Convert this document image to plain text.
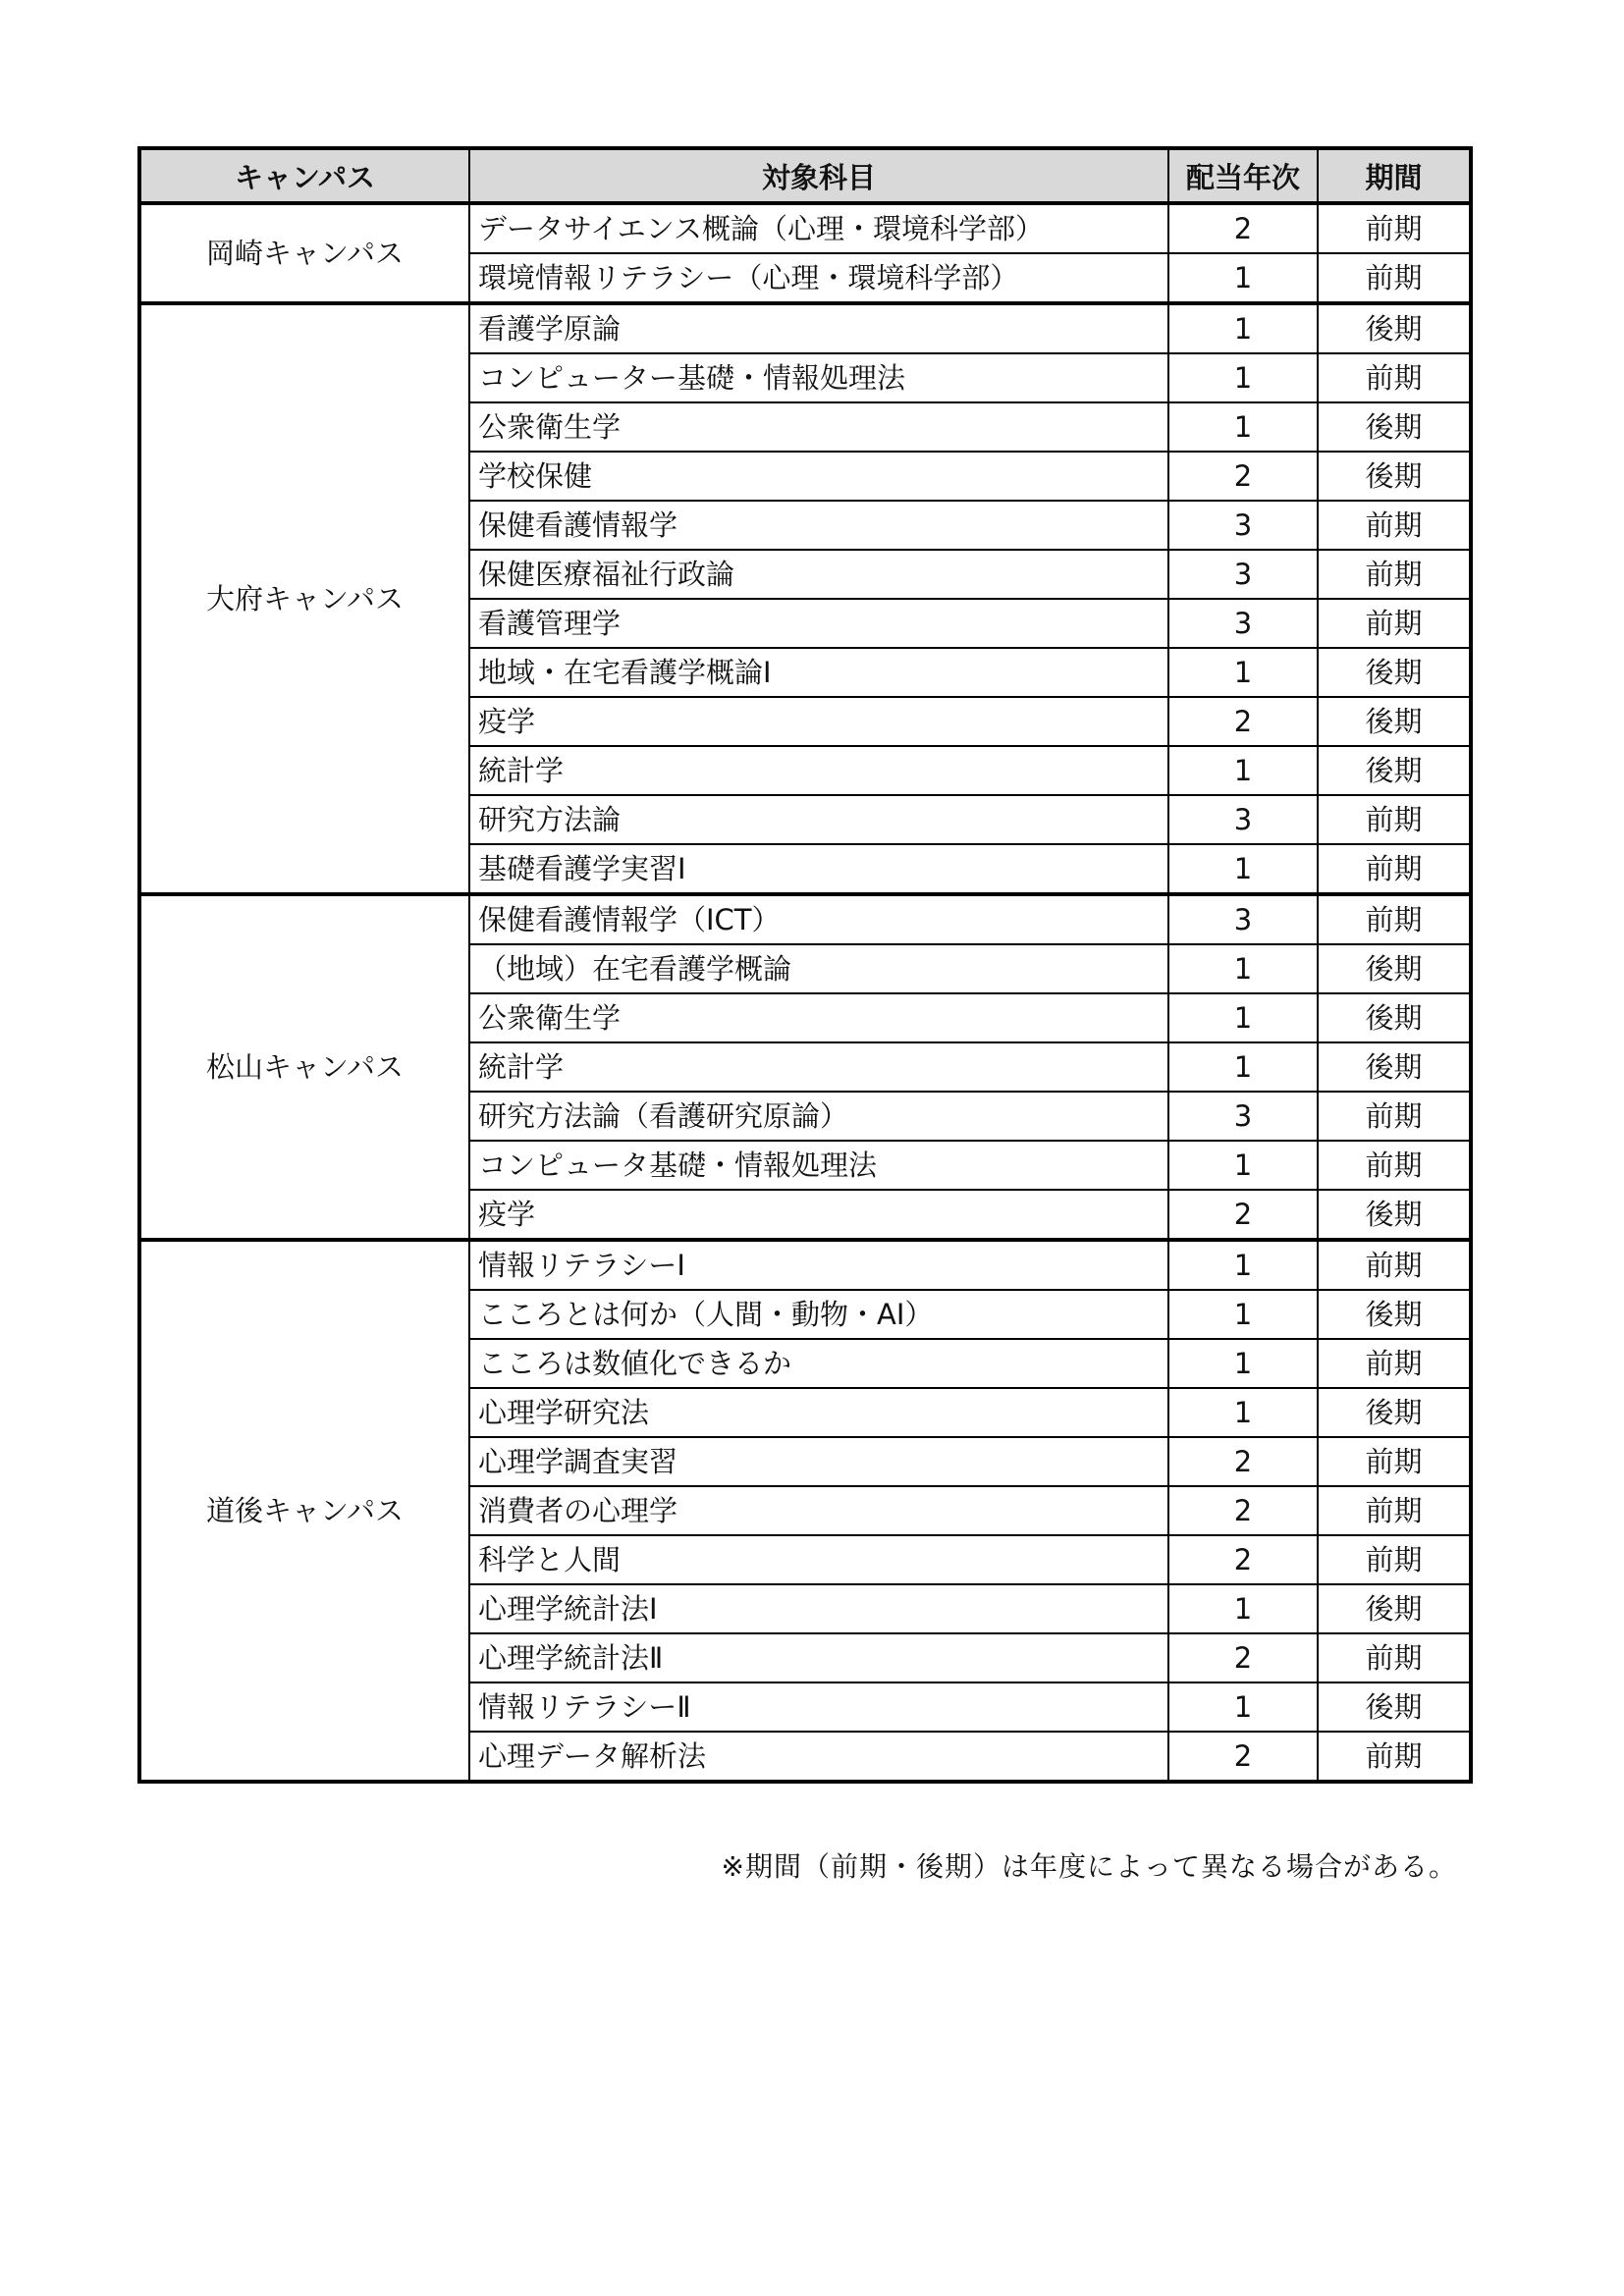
キャンパス	対象科目	配当年次	期間
岡崎キャンパス	データサイエンス概論（心理・環境科学部）	2	前期
	環境情報リテラシー（心理・環境科学部）	1	前期
大府キャンパス	看護学原論	1	後期
	コンピューター基礎・情報処理法	1	前期
	公衆衛生学	1	後期
	学校保健	2	後期
	保健看護情報学	3	前期
	保健医療福祉行政論	3	前期
	看護管理学	3	前期
	地域・在宅看護学概論Ⅰ	1	後期
	疫学	2	後期
	統計学	1	後期
	研究方法論	3	前期
	基礎看護学実習Ⅰ	1	前期
松山キャンパス	保健看護情報学（ICT）	3	前期
	（地域）在宅看護学概論	1	後期
	公衆衛生学	1	後期
	統計学	1	後期
	研究方法論（看護研究原論）	3	前期
	コンピュータ基礎・情報処理法	1	前期
	疫学	2	後期
道後キャンパス	情報リテラシーⅠ	1	前期
	こころとは何か（人間・動物・AI）	1	後期
	こころは数値化できるか	1	前期
	心理学研究法	1	後期
	心理学調査実習	2	前期
	消費者の心理学	2	前期
	科学と人間	2	前期
	心理学統計法Ⅰ	1	後期
	心理学統計法Ⅱ	2	前期
	情報リテラシーⅡ	1	後期
	心理データ解析法	2	前期
※期間（前期・後期）は年度によって異なる場合がある。
